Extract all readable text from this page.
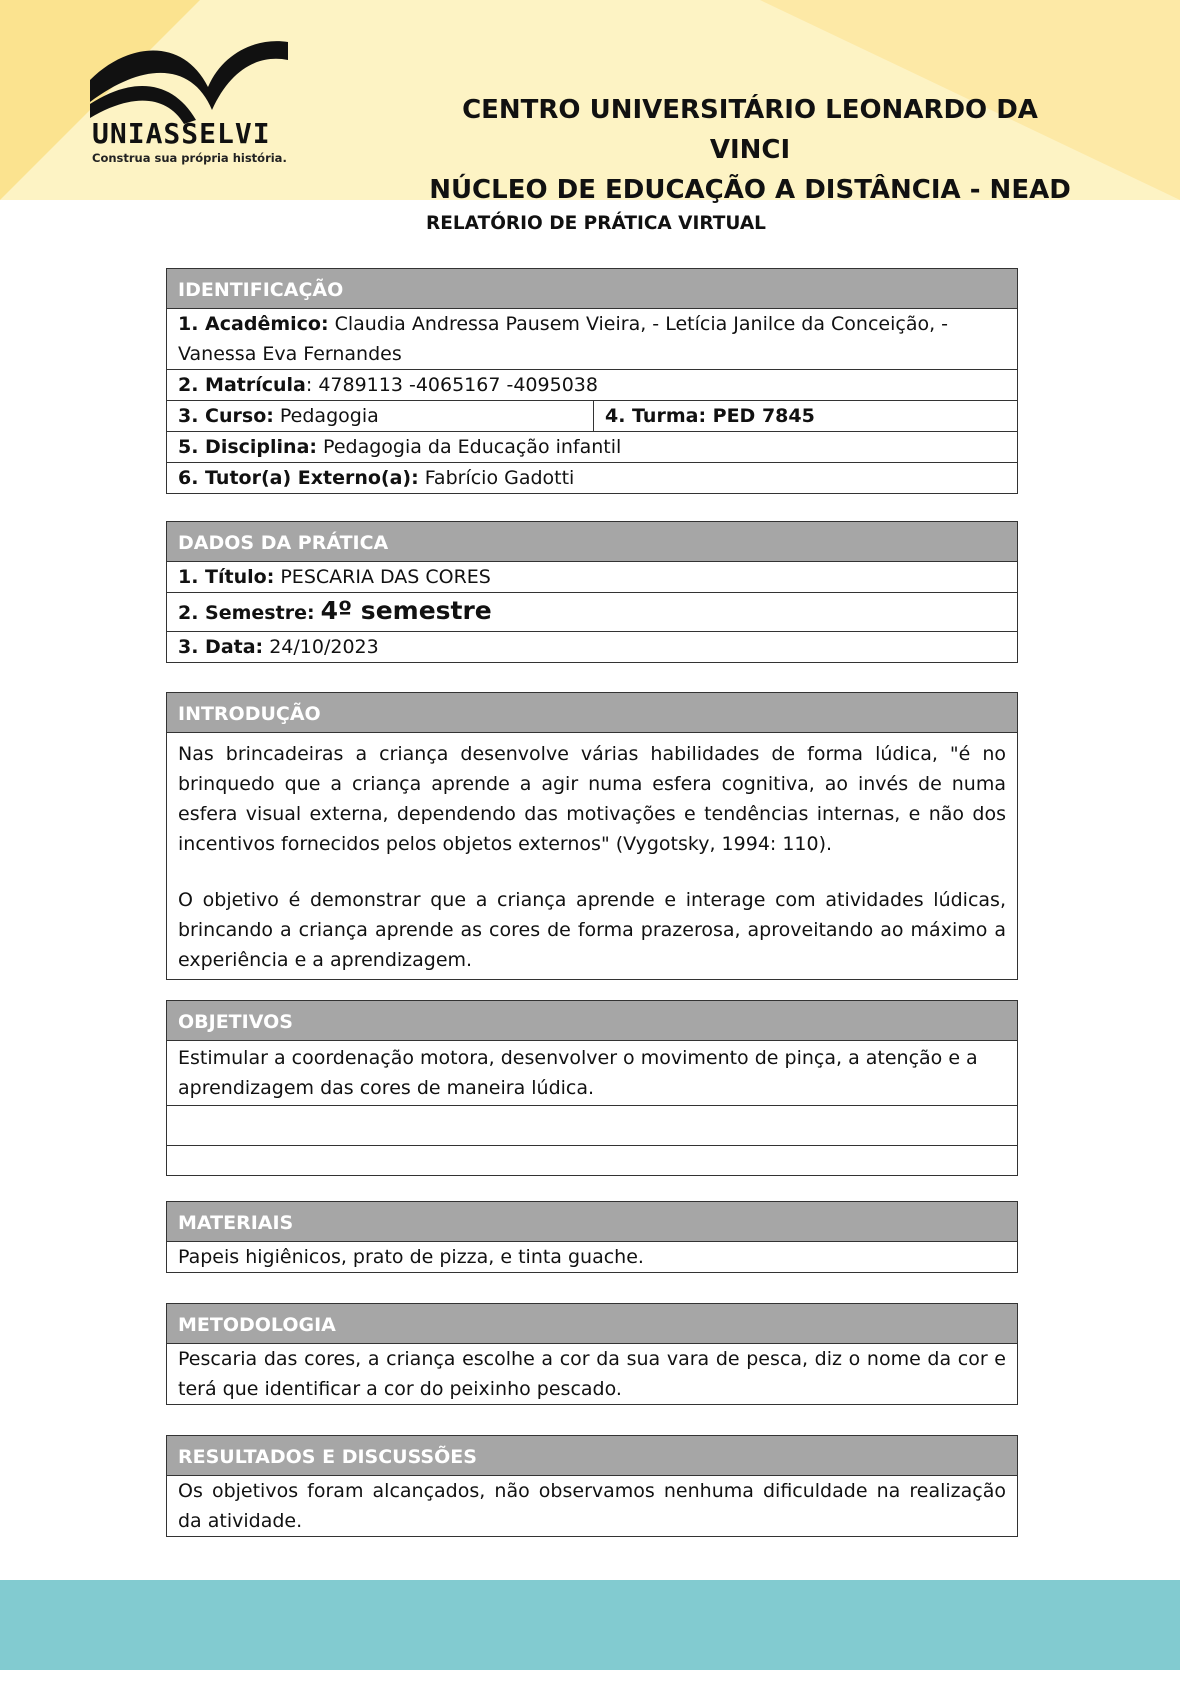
UNIASSELVI
Construa sua própria história.
CENTRO UNIVERSITÁRIO LEONARDO DA VINCI
NÚCLEO DE EDUCAÇÃO A DISTÂNCIA - NEAD
RELATÓRIO DE PRÁTICA VIRTUAL
IDENTIFICAÇÃO
1. Acadêmico: Claudia Andressa Pausem Vieira, - Letícia Janilce da Conceição, -
Vanessa Eva Fernandes
2. Matrícula: 4789113 -4065167 -4095038
3. Curso: Pedagogia	4. Turma: PED 7845
5. Disciplina: Pedagogia da Educação infantil
6. Tutor(a) Externo(a): Fabrício Gadotti
DADOS DA PRÁTICA
1. Título: PESCARIA DAS CORES
2. Semestre: 4º semestre
3. Data: 24/10/2023
INTRODUÇÃO
Nas brincadeiras a criança desenvolve várias habilidades de forma lúdica, "é no brinquedo que a criança aprende a agir numa esfera cognitiva, ao invés de numa esfera visual externa, dependendo das motivações e tendências internas, e não dos incentivos fornecidos pelos objetos externos" (Vygotsky, 1994: 110).
O objetivo é demonstrar que a criança aprende e interage com atividades lúdicas, brincando a criança aprende as cores de forma prazerosa, aproveitando ao máximo a experiência e a aprendizagem.
OBJETIVOS
Estimular a coordenação motora, desenvolver o movimento de pinça, a atenção e a aprendizagem das cores de maneira lúdica.
MATERIAIS
Papeis higiênicos, prato de pizza, e tinta guache.
METODOLOGIA
Pescaria das cores, a criança escolhe a cor da sua vara de pesca, diz o nome da cor e terá que identificar a cor do peixinho pescado.
RESULTADOS E DISCUSSÕES
Os objetivos foram alcançados, não observamos nenhuma dificuldade na realização da atividade.
